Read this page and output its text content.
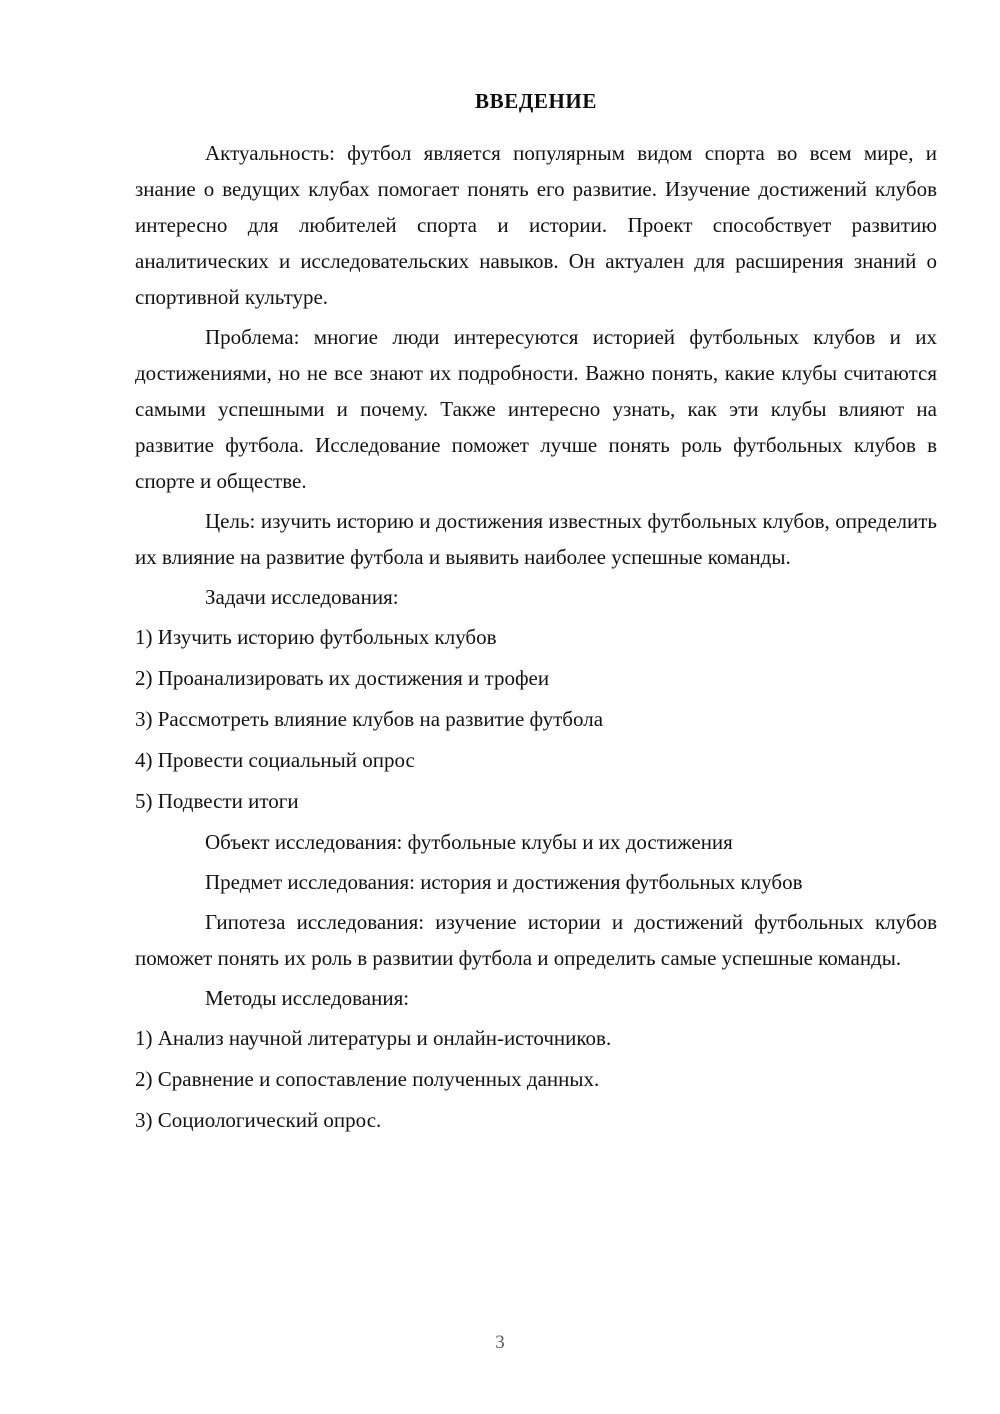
ВВЕДЕНИЕ

Актуальность: футбол является популярным видом спорта во всем мире, и знание о ведущих клубах помогает понять его развитие. Изучение достижений клубов интересно для любителей спорта и истории. Проект способствует развитию аналитических и исследовательских навыков. Он актуален для расширения знаний о спортивной культуре.

Проблема: многие люди интересуются историей футбольных клубов и их достижениями, но не все знают их подробности. Важно понять, какие клубы считаются самыми успешными и почему. Также интересно узнать, как эти клубы влияют на развитие футбола. Исследование поможет лучше понять роль футбольных клубов в спорте и обществе.

Цель: изучить историю и достижения известных футбольных клубов, определить их влияние на развитие футбола и выявить наиболее успешные команды.

Задачи исследования:

1) Изучить историю футбольных клубов
2) Проанализировать их достижения и трофеи
3) Рассмотреть влияние клубов на развитие футбола
4) Провести социальный опрос
5) Подвести итоги

Объект исследования: футбольные клубы и их достижения

Предмет исследования: история и достижения футбольных клубов

Гипотеза исследования: изучение истории и достижений футбольных клубов поможет понять их роль в развитии футбола и определить самые успешные команды.

Методы исследования:

1) Анализ научной литературы и онлайн-источников.
2) Сравнение и сопоставление полученных данных.
3) Социологический опрос.
3
